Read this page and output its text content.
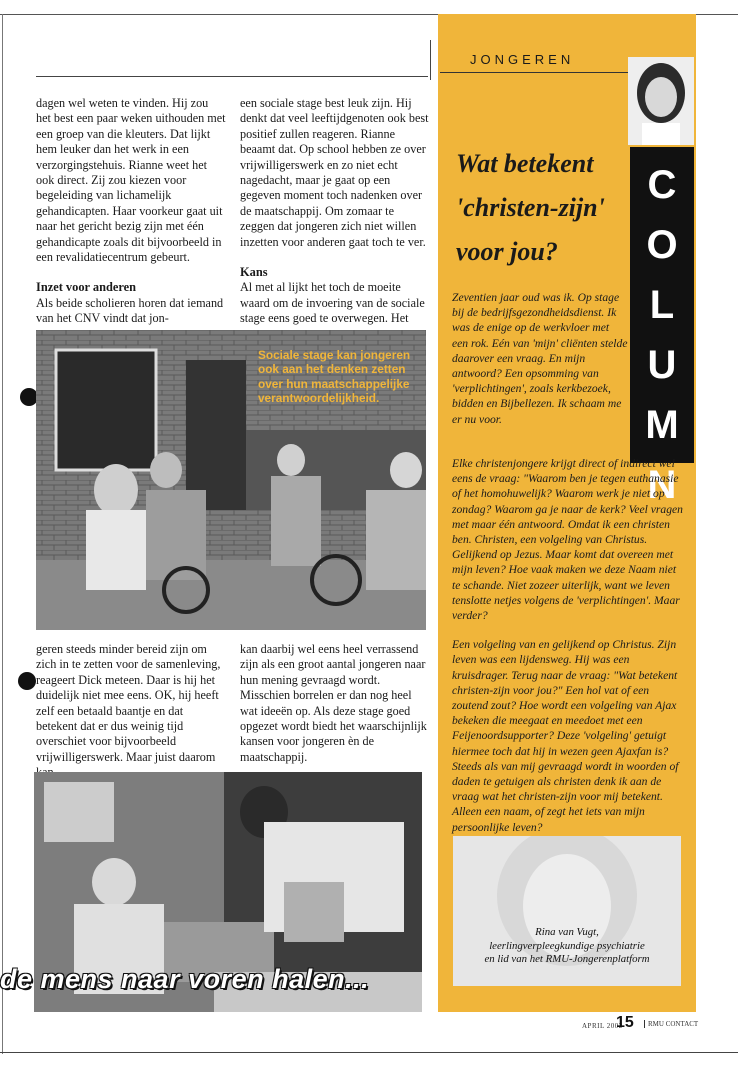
dagen wel weten te vinden. Hij zou het best een paar weken uithouden met een groep van die kleuters. Dat lijkt hem leuker dan het werk in een verzorgingstehuis. Rianne weet het ook direct. Zij zou kiezen voor begeleiding van lichamelijk gehandicapten. Haar voorkeur gaat uit naar het gericht bezig zijn met één gehandicapte zoals dit bijvoorbeeld in een revalidatiecentrum gebeurt.

Inzet voor anderen

Als beide scholieren horen dat iemand van het CNV vindt dat jon-

een sociale stage best leuk zijn. Hij denkt dat veel leeftijdgenoten ook best positief zullen reageren. Rianne beaamt dat. Op school hebben ze over vrijwilligerswerk en zo niet echt nagedacht, maar je gaat op een gegeven moment toch nadenken over de maatschappij. Om zomaar te zeggen dat jongeren zich niet willen inzetten voor anderen gaat toch te ver.

Kans

Al met al lijkt het toch de moeite waard om de invoering van de sociale stage eens goed te overwegen. Het

Sociale stage kan jongeren ook aan het denken zetten over hun maatschappelijke verantwoordelijkheid.

geren steeds minder bereid zijn om zich in te zetten voor de samenleving, reageert Dick meteen. Daar is hij het duidelijk niet mee eens. OK, hij heeft zelf een betaald baantje en dat betekent dat er dus weinig tijd overschiet voor bijvoorbeeld vrijwilligerswerk. Maar juist daarom

kan daarbij wel eens heel verrassend zijn als een groot aantal jongeren naar hun mening gevraagd wordt. Misschien borrelen er dan nog heel wat ideeën op. Als deze stage goed opgezet wordt biedt het waarschijnlijk kansen voor jongeren èn de maatschappij.

de mens naar voren halen...
JONGEREN
C
O
L
U
M
N
Wat betekent
'christen-zijn'
voor jou?

Zeventien jaar oud was ik. Op stage bij de bedrijfsgezondheidsdienst. Ik was de enige op de werkvloer met een rok. Eén van 'mijn' cliënten stelde daarover een vraag. En mijn antwoord? Een opsomming van 'verplichtingen', zoals kerkbezoek, bidden en Bijbellezen. Ik schaam me er nu voor.

Elke christenjongere krijgt direct of indirect wel eens de vraag: "Waarom ben je tegen euthanasie of het homohuwelijk? Waarom werk je niet op zondag? Waarom ga je naar de kerk? Veel vragen met maar één antwoord. Omdat ik een christen ben. Christen, een volgeling van Christus. Gelijkend op Jezus. Maar komt dat overeen met mijn leven? Hoe vaak maken we deze Naam niet te schande. Niet zozeer uiterlijk, want we leven tenslotte netjes volgens de 'verplichtingen'. Maar verder?

Een volgeling van en gelijkend op Christus. Zijn leven was een lijdensweg. Hij was een kruisdrager. Terug naar de vraag: "Wat betekent christen-zijn voor jou?" Een hol vat of een zoutend zout? Hoe wordt een volgeling van Ajax bekeken die meegaat en meedoet met een Feijenoordsupporter? Deze 'volgeling' getuigt hiermee toch dat hij in wezen geen Ajaxfan is? Steeds als van mij gevraagd wordt in woorden of daden te getuigen als christen denk ik aan de vraag wat het christen-zijn voor mij betekent. Alleen een naam, of zegt het iets van mijn persoonlijke leven?

Rina van Vugt,
leerlingverpleegkundige psychiatrie
en lid van het RMU-Jongerenplatform
APRIL 2002
15	RMU CONTACT
